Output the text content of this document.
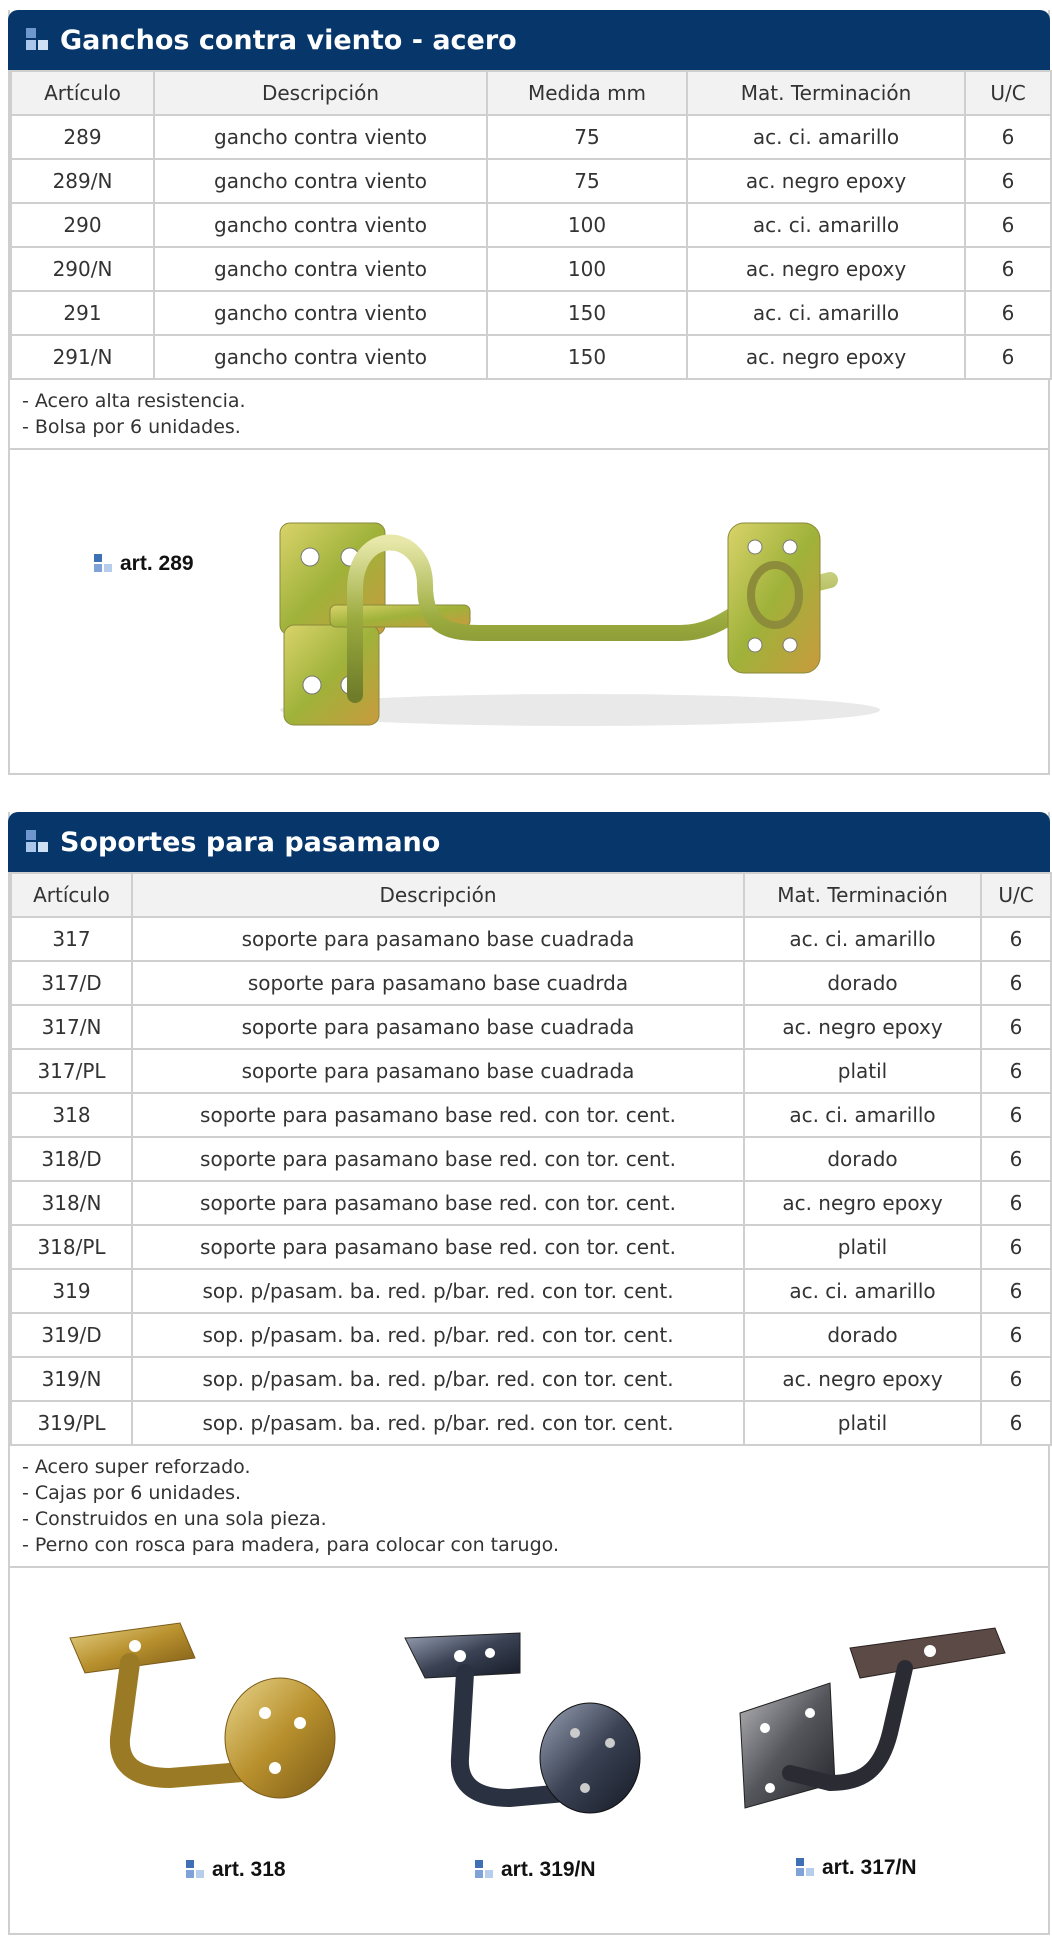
Ganchos contra viento - acero
Artículo	Descripción	Medida mm	Mat. Terminación	U/C
289	gancho contra viento	75	ac. ci. amarillo	6
289/N	gancho contra viento	75	ac. negro epoxy	6
290	gancho contra viento	100	ac. ci. amarillo	6
290/N	gancho contra viento	100	ac. negro epoxy	6
291	gancho contra viento	150	ac. ci. amarillo	6
291/N	gancho contra viento	150	ac. negro epoxy	6
- Acero alta resistencia.
- Bolsa por 6 unidades.
art. 289
Soportes para pasamano
Artículo	Descripción	Mat. Terminación	U/C
317	soporte para pasamano base cuadrada	ac. ci. amarillo	6
317/D	soporte para pasamano base cuadrda	dorado	6
317/N	soporte para pasamano base cuadrada	ac. negro epoxy	6
317/PL	soporte para pasamano base cuadrada	platil	6
318	soporte para pasamano base red. con tor. cent.	ac. ci. amarillo	6
318/D	soporte para pasamano base red. con tor. cent.	dorado	6
318/N	soporte para pasamano base red. con tor. cent.	ac. negro epoxy	6
318/PL	soporte para pasamano base red. con tor. cent.	platil	6
319	sop. p/pasam. ba. red. p/bar. red. con tor. cent.	ac. ci. amarillo	6
319/D	sop. p/pasam. ba. red. p/bar. red. con tor. cent.	dorado	6
319/N	sop. p/pasam. ba. red. p/bar. red. con tor. cent.	ac. negro epoxy	6
319/PL	sop. p/pasam. ba. red. p/bar. red. con tor. cent.	platil	6
- Acero super reforzado.
- Cajas por 6 unidades.
- Construidos en una sola pieza.
- Perno con rosca para madera, para colocar con tarugo.
art. 318	art. 319/N	art. 317/N
